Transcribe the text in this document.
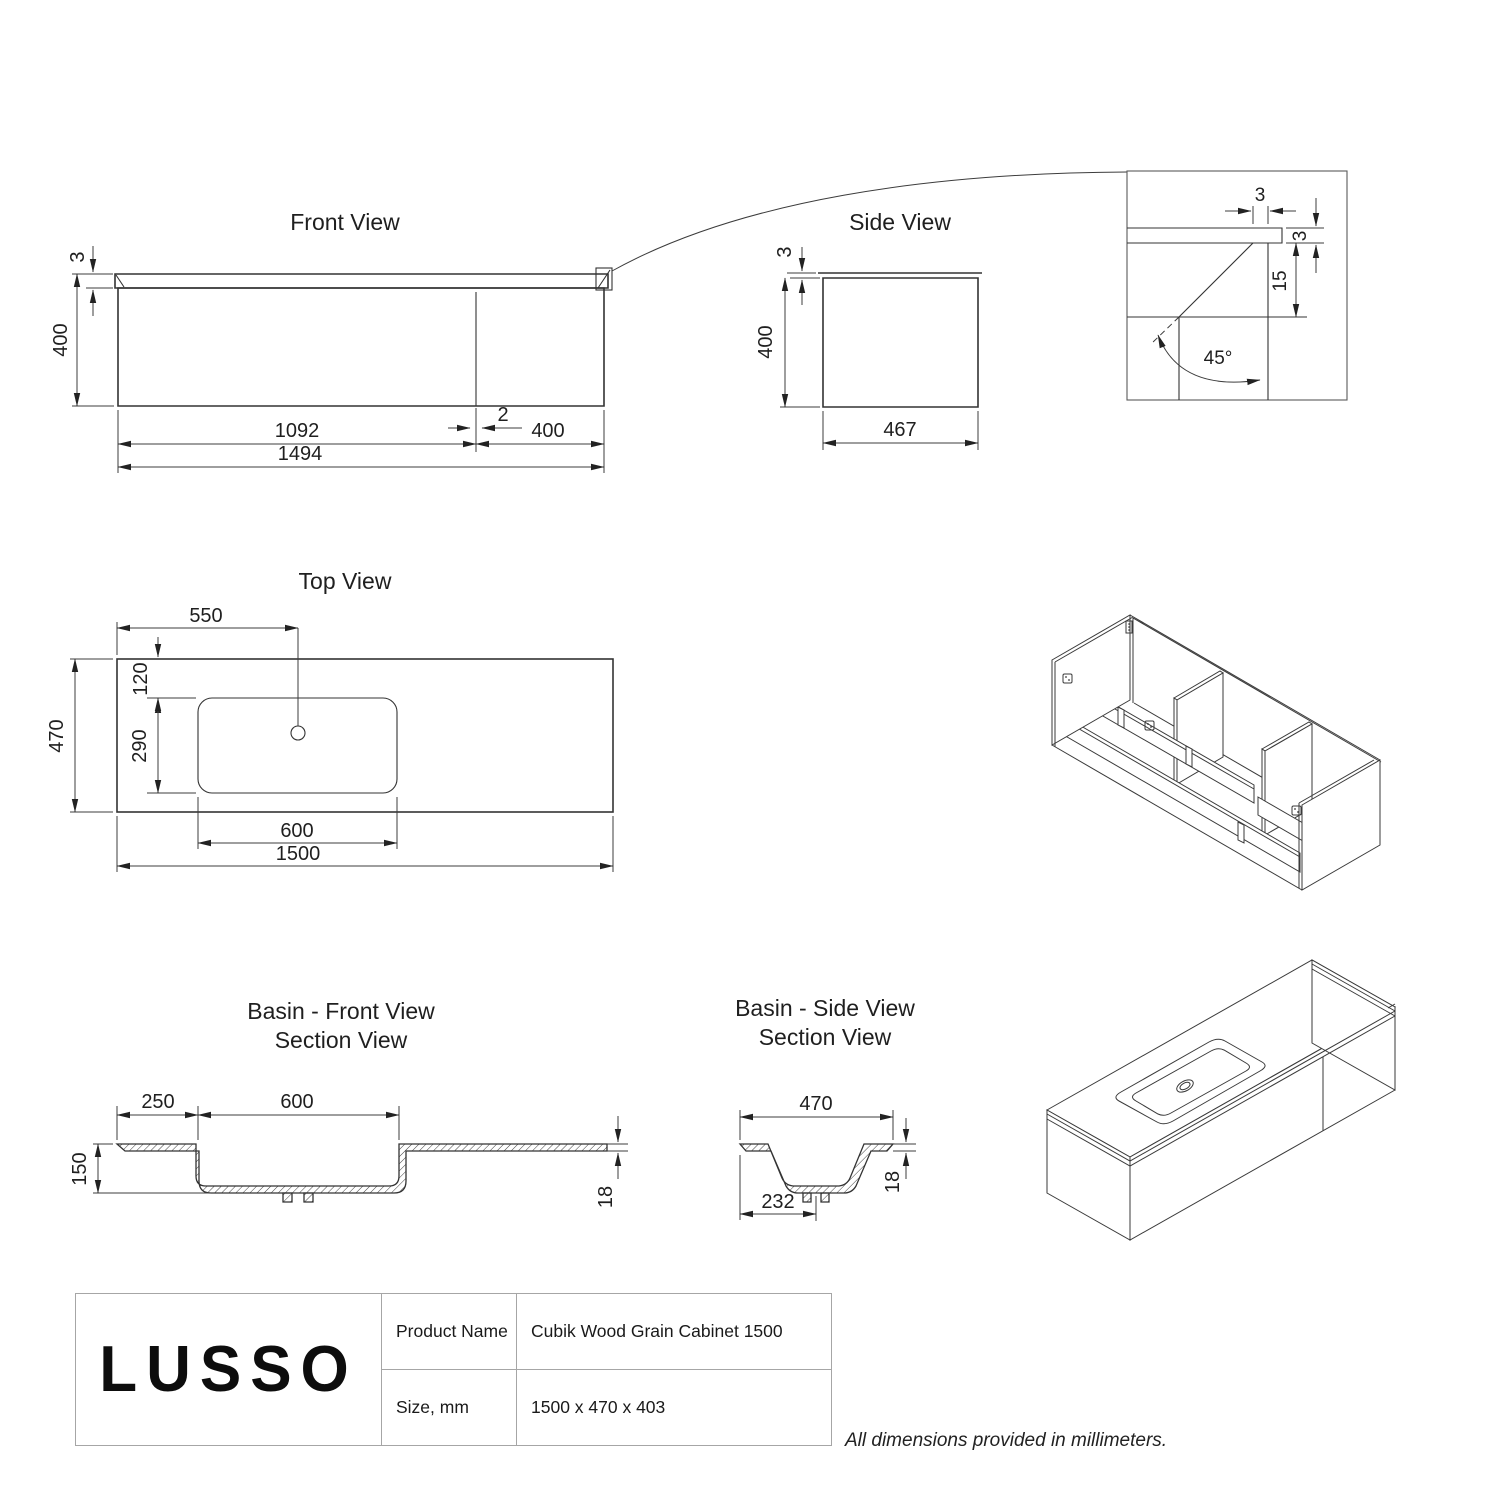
Front View
3
400
1092	400
2
1494
Side View
3
400
467
3
3
15
45°
Top View
550
120
290
470
600
1500
Basin - Front View
Section View
250	600
150
18
Basin - Side View
Section View
470
18
232
LUSSO
Product Name	Cubik Wood Grain Cabinet 1500
Size, mm	1500 x 470 x 403
All dimensions provided in millimeters.
